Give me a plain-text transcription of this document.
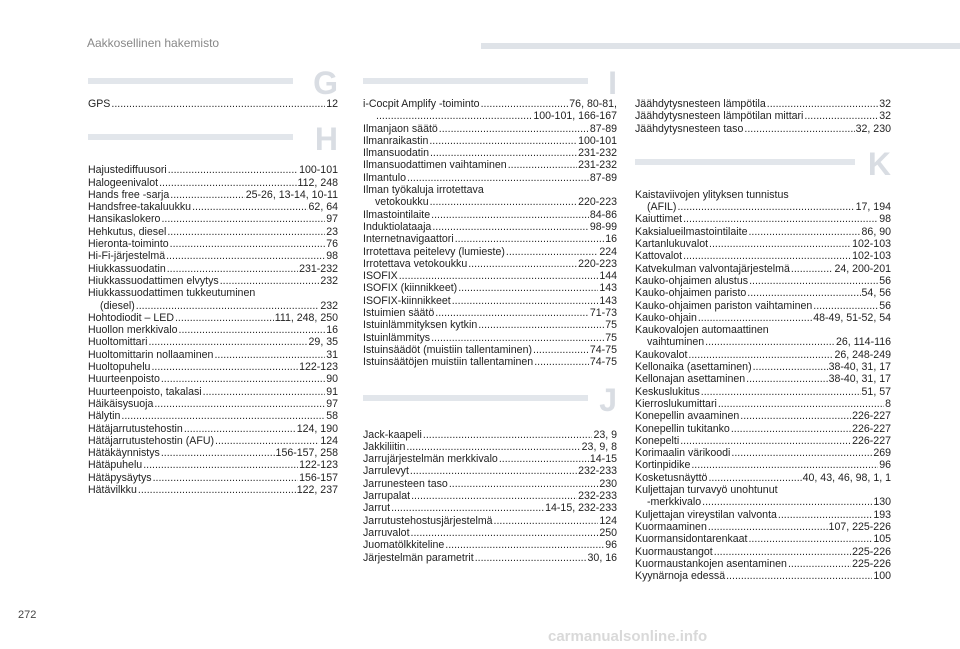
Aakkosellinen hakemisto
G
GPS .....	12
H
Hajustediffuusori .....	100-101
Halogeenivalot .....	112, 248
Hands free -sarja .....	25-26, 13-14, 10-11
Handsfree-takaluukku .....	62, 64
Hansikaslokero .....	97
Hehkutus, diesel .....	23
Hieronta-toiminto .....	76
Hi-Fi-järjestelmä .....	98
Hiukkassuodatin .....	231-232
Hiukkassuodattimen elvytys .....	232
Hiukkassuodattimen tukkeutuminen
(diesel) .....	232
Hohtodiodit – LED .....	111, 248, 250
Huollon merkkivalo .....	16
Huoltomittari .....	29, 35
Huoltomittarin nollaaminen .....	31
Huoltopuhelu .....	122-123
Huurteenpoisto .....	90
Huurteenpoisto, takalasi .....	91
Häikäisysuoja .....	97
Hälytin .....	58
Hätäjarrutustehostin .....	124, 190
Hätäjarrutustehostin (AFU) .....	124
Hätäkäynnistys .....	156-157, 258
Hätäpuhelu .....	122-123
Hätäpysäytys .....	156-157
Hätävilkku .....	122, 237
I
i-Cocpit Amplify -toiminto .....	76, 80-81,
.....
100-101, 166-167
Ilmanjaon säätö .....	87-89
Ilmanraikastin .....	100-101
Ilmansuodatin .....	231-232
Ilmansuodattimen vaihtaminen .....	231-232
Ilmantulo .....	87-89
Ilman työkaluja irrotettava
vetokoukku .....	220-223
Ilmastointilaite .....	84-86
Induktiolataaja .....	98-99
Internetnavigaattori .....	16
Irrotettava peitelevy (lumieste) .....	224
Irrotettava vetokoukku .....	220-223
ISOFIX .....	144
ISOFIX (kiinnikkeet) .....	143
ISOFIX-kiinnikkeet .....	143
Istuimien säätö .....	71-73
Istuinlämmityksen kytkin .....	75
Istuinlämmitys .....	75
Istuinsäädöt (muistiin tallentaminen) .....	74-75
Istuinsäätöjen muistiin tallentaminen .....	74-75
J
Jack-kaapeli .....	23, 9
Jakkiliitin .....	23, 9, 8
Jarrujärjestelmän merkkivalo .....	14-15
Jarrulevyt .....	232-233
Jarrunesteen taso .....	230
Jarrupalat .....	232-233
Jarrut .....	14-15, 232-233
Jarrutustehostusjärjestelmä .....	124
Jarruvalot .....	250
Juomatölkkiteline .....	96
Järjestelmän parametrit .....	30, 16
Jäähdytysnesteen lämpötila .....	32
Jäähdytysnesteen lämpötilan mittari .....	32
Jäähdytysnesteen taso .....	32, 230
K
Kaistaviivojen ylityksen tunnistus
(AFIL) .....	17, 194
Kaiuttimet .....	98
Kaksialueilmastointilaite .....	86, 90
Kartanlukuvalot .....	102-103
Kattovalot .....	102-103
Katvekulman valvontajärjestelmä .....	24, 200-201
Kauko-ohjaimen alustus .....	56
Kauko-ohjaimen paristo .....	54, 56
Kauko-ohjaimen pariston vaihtaminen .....	56
Kauko-ohjain .....	48-49, 51-52, 54
Kaukovalojen automaattinen
vaihtuminen .....	26, 114-116
Kaukovalot .....	26, 248-249
Kellonaika (asettaminen) .....	38-40, 31, 17
Kellonajan asettaminen .....	38-40, 31, 17
Keskuslukitus .....	51, 57
Kierroslukumittari .....	8
Konepellin avaaminen .....	226-227
Konepellin tukitanko .....	226-227
Konepelti .....	226-227
Korimaalin värikoodi .....	269
Kortinpidike .....	96
Kosketusnäyttö .....	40, 43, 46, 98, 1, 1
Kuljettajan turvavyö unohtunut
-merkkivalo .....	130
Kuljettajan vireystilan valvonta .....	193
Kuormaaminen .....	107, 225-226
Kuormansidontarenkaat .....	105
Kuormaustangot .....	225-226
Kuormaustankojen asentaminen .....	225-226
Kyynärnoja edessä .....	100
272
carmanualsonline.info
